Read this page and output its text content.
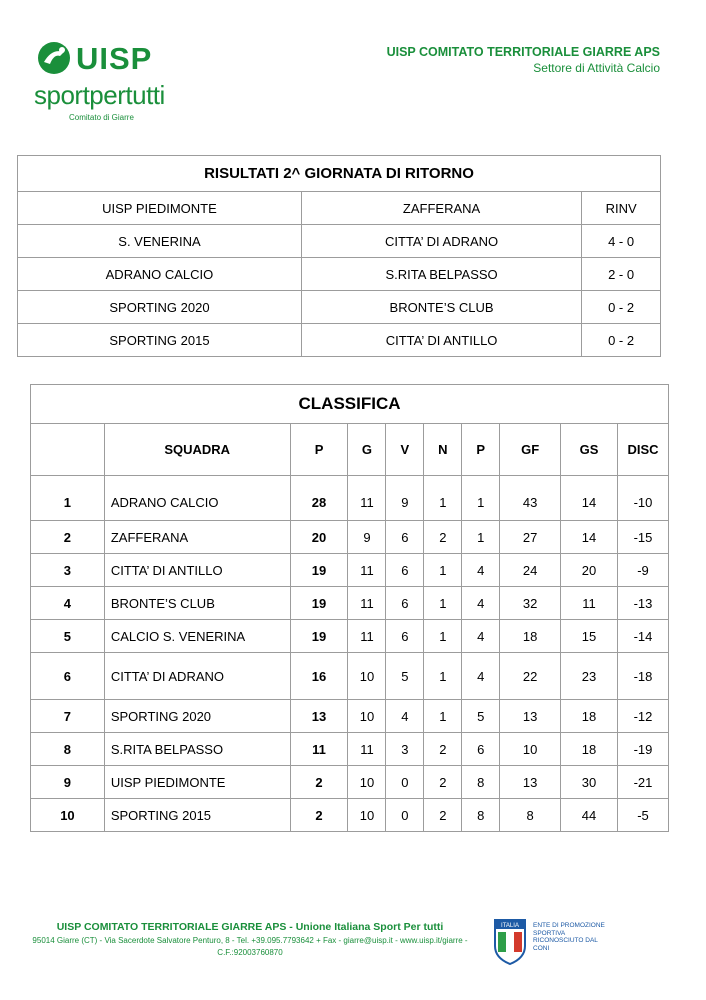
UISP
sportpertutti
Comitato di Giarre
UISP COMITATO TERRITORIALE GIARRE APS
Settore di Attività Calcio
RISULTATI 2^ GIORNATA DI RITORNO		
UISP PIEDIMONTE	ZAFFERANA	RINV
S. VENERINA	CITTA’ DI ADRANO	4 - 0
ADRANO CALCIO	S.RITA BELPASSO	2 - 0
SPORTING 2020	BRONTE’S CLUB	0 - 2
SPORTING 2015	CITTA’ DI ANTILLO	0 - 2
CLASSIFICA									
	SQUADRA	P	G	V	N	P	GF	GS	DISC
1	ADRANO CALCIO	28	11	9	1	1	43	14	-10
2	ZAFFERANA	20	9	6	2	1	27	14	-15
3	CITTA’ DI ANTILLO	19	11	6	1	4	24	20	-9
4	BRONTE’S CLUB	19	11	6	1	4	32	11	-13
5	CALCIO S. VENERINA	19	11	6	1	4	18	15	-14
6	CITTA’ DI ADRANO	16	10	5	1	4	22	23	-18
7	SPORTING 2020	13	10	4	1	5	13	18	-12
8	S.RITA BELPASSO	11	11	3	2	6	10	18	-19
9	UISP PIEDIMONTE	2	10	0	2	8	13	30	-21
10	SPORTING 2015	2	10	0	2	8	8	44	-5
UISP COMITATO TERRITORIALE GIARRE APS - Unione Italiana Sport Per tutti
95014 Giarre (CT) - Via Sacerdote Salvatore Penturo, 8 - Tel. +39.095.7793642 + Fax - giarre@uisp.it - www.uisp.it/giarre - C.F.:92003760870
ITALIA ENTE DI PROMOZIONE SPORTIVA RICONOSCIUTO DAL CONI
